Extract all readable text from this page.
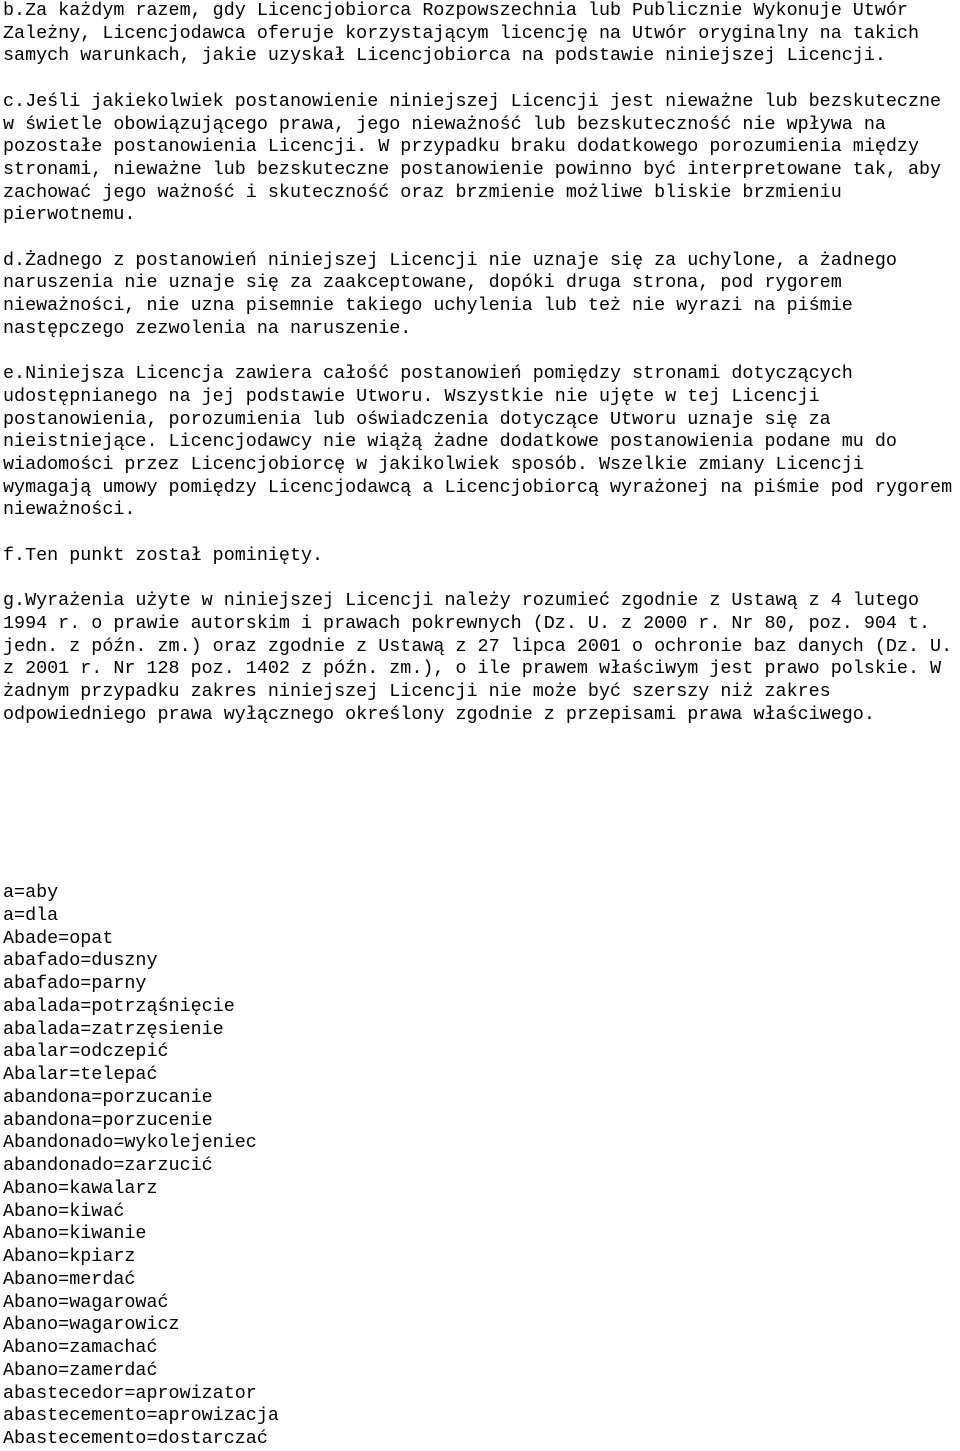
b.Za każdym razem, gdy Licencjobiorca Rozpowszechnia lub Publicznie Wykonuje Utwór Zależny, Licencjodawca oferuje korzystającym licencję na Utwór oryginalny na takich samych warunkach, jakie uzyskał Licencjobiorca na podstawie niniejszej Licencji.

c.Jeśli jakiekolwiek postanowienie niniejszej Licencji jest nieważne lub bezskuteczne w świetle obowiązującego prawa, jego nieważność lub bezskuteczność nie wpływa na pozostałe postanowienia Licencji. W przypadku braku dodatkowego porozumienia między stronami, nieważne lub bezskuteczne postanowienie powinno być interpretowane tak, aby zachować jego ważność i skuteczność oraz brzmienie możliwe bliskie brzmieniu pierwotnemu.

d.Żadnego z postanowień niniejszej Licencji nie uznaje się za uchylone, a żadnego naruszenia nie uznaje się za zaakceptowane, dopóki druga strona, pod rygorem nieważności, nie uzna pisemnie takiego uchylenia lub też nie wyrazi na piśmie następczego zezwolenia na naruszenie.

e.Niniejsza Licencja zawiera całość postanowień pomiędzy stronami dotyczących udostępnianego na jej podstawie Utworu. Wszystkie nie ujęte w tej Licencji postanowienia, porozumienia lub oświadczenia dotyczące Utworu uznaje się za nieistniejące. Licencjodawcy nie wiążą żadne dodatkowe postanowienia podane mu do wiadomości przez Licencjobiorcę w jakikolwiek sposób. Wszelkie zmiany Licencji wymagają umowy pomiędzy Licencjodawcą a Licencjobiorcą wyrażonej na piśmie pod rygorem nieważności.

f.Ten punkt został pominięty.

g.Wyrażenia użyte w niniejszej Licencji należy rozumieć zgodnie z Ustawą z 4 lutego 1994 r. o prawie autorskim i prawach pokrewnych (Dz. U. z 2000 r. Nr 80, poz. 904 t. jedn. z późn. zm.) oraz zgodnie z Ustawą z 27 lipca 2001 o ochronie baz danych (Dz. U. z 2001 r. Nr 128 poz. 1402 z późn. zm.), o ile prawem właściwym jest prawo polskie. W żadnym przypadku zakres niniejszej Licencji nie może być szerszy niż zakres odpowiedniego prawa wyłącznego określony zgodnie z przepisami prawa właściwego.

a=aby
a=dla
Abade=opat
abafado=duszny
abafado=parny
abalada=potrząśnięcie
abalada=zatrzęsienie
abalar=odczepić
Abalar=telepać
abandona=porzucanie
abandona=porzucenie
Abandonado=wykolejeniec
abandonado=zarzucić
Abano=kawalarz
Abano=kiwać
Abano=kiwanie
Abano=kpiarz
Abano=merdać
Abano=wagarować
Abano=wagarowicz
Abano=zamachać
Abano=zamerdać
abastecedor=aprowizator
abastecemento=aprowizacja
Abastecemento=dostarczać
